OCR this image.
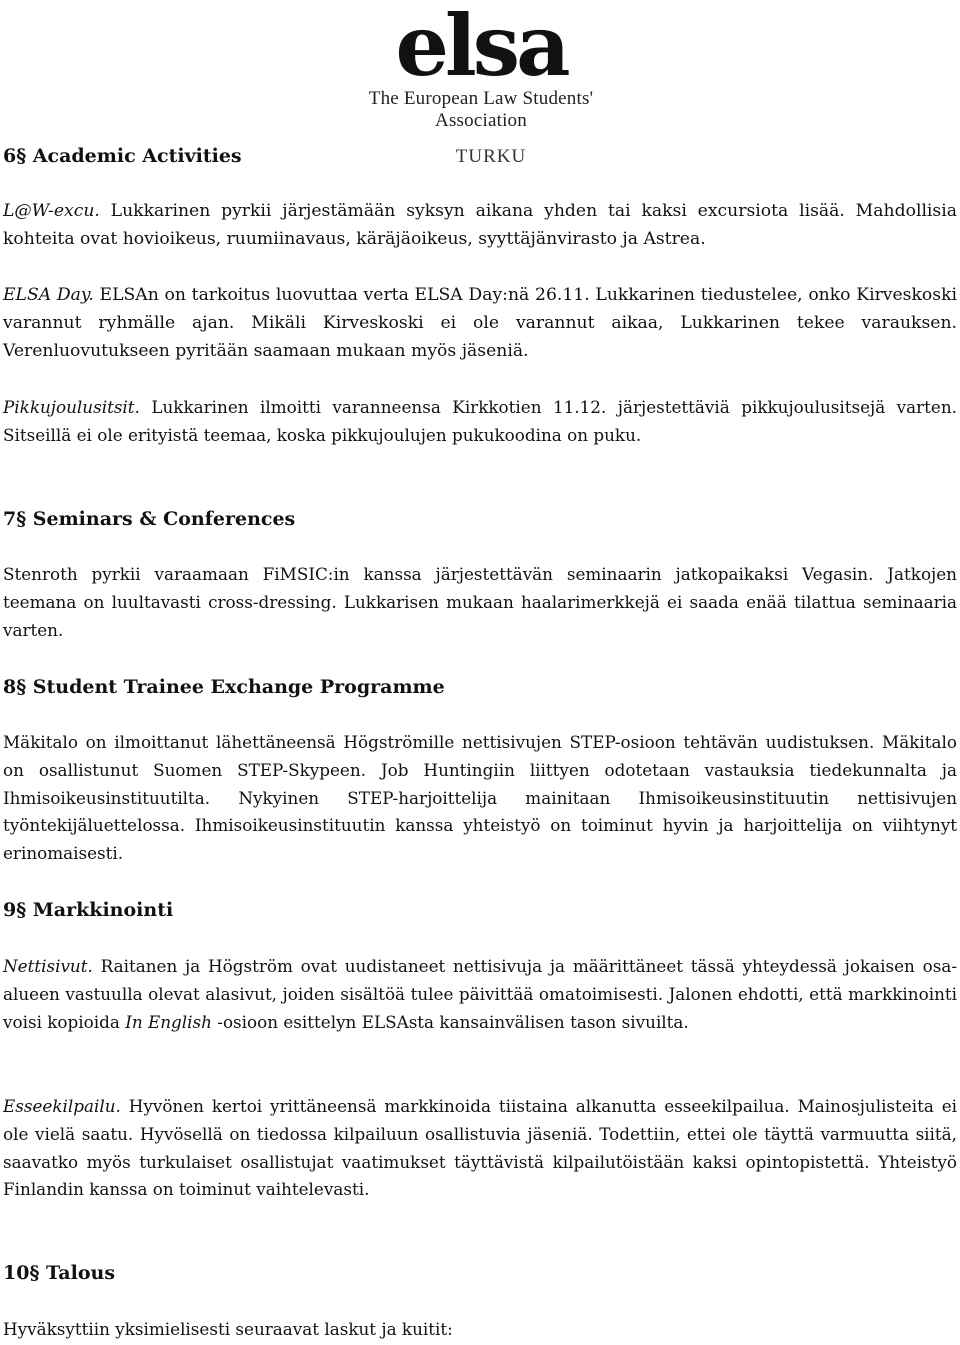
elsa
The European Law Students' Association
TURKU
6§ Academic Activities

L@W-excu. Lukkarinen pyrkii järjestämään syksyn aikana yhden tai kaksi excursiota lisää. Mahdollisia kohteita ovat hovioikeus, ruumiinavaus, käräjäoikeus, syyttäjänvirasto ja Astrea.

ELSA Day. ELSAn on tarkoitus luovuttaa verta ELSA Day:nä 26.11. Lukkarinen tiedustelee, onko Kirveskoski varannut ryhmälle ajan. Mikäli Kirveskoski ei ole varannut aikaa, Lukkarinen tekee varauksen. Verenluovutukseen pyritään saamaan mukaan myös jäseniä.

Pikkujoulusitsit. Lukkarinen ilmoitti varanneensa Kirkkotien 11.12. järjestettäviä pikkujoulusitsejä varten. Sitseillä ei ole erityistä teemaa, koska pikkujoulujen pukukoodina on puku.

7§ Seminars & Conferences

Stenroth pyrkii varaamaan FiMSIC:in kanssa järjestettävän seminaarin jatkopaikaksi Vegasin. Jatkojen teemana on luultavasti cross-dressing. Lukkarisen mukaan haalarimerkkejä ei saada enää tilattua seminaaria varten.

8§ Student Trainee Exchange Programme

Mäkitalo on ilmoittanut lähettäneensä Högströmille nettisivujen STEP-osioon tehtävän uudistuksen. Mäkitalo on osallistunut Suomen STEP-Skypeen. Job Huntingiin liittyen odotetaan vastauksia tiedekunnalta ja Ihmisoikeusinstituutilta. Nykyinen STEP-harjoittelija mainitaan Ihmisoikeusinstituutin nettisivujen työntekijäluettelossa. Ihmisoikeusinstituutin kanssa yhteistyö on toiminut hyvin ja harjoittelija on viihtynyt erinomaisesti.

9§ Markkinointi

Nettisivut. Raitanen ja Högström ovat uudistaneet nettisivuja ja määrittäneet tässä yhteydessä jokaisen osa-alueen vastuulla olevat alasivut, joiden sisältöä tulee päivittää omatoimisesti. Jalonen ehdotti, että markkinointi voisi kopioida In English -osioon esittelyn ELSAsta kansainvälisen tason sivuilta.

Esseekilpailu. Hyvönen kertoi yrittäneensä markkinoida tiistaina alkanutta esseekilpailua. Mainosjulisteita ei ole vielä saatu. Hyvösellä on tiedossa kilpailuun osallistuvia jäseniä. Todettiin, ettei ole täyttä varmuutta siitä, saavatko myös turkulaiset osallistujat vaatimukset täyttävistä kilpailutöistään kaksi opintopistettä. Yhteistyö Finlandin kanssa on toiminut vaihtelevasti.

10§ Talous

Hyväksyttiin yksimielisesti seuraavat laskut ja kuitit:
